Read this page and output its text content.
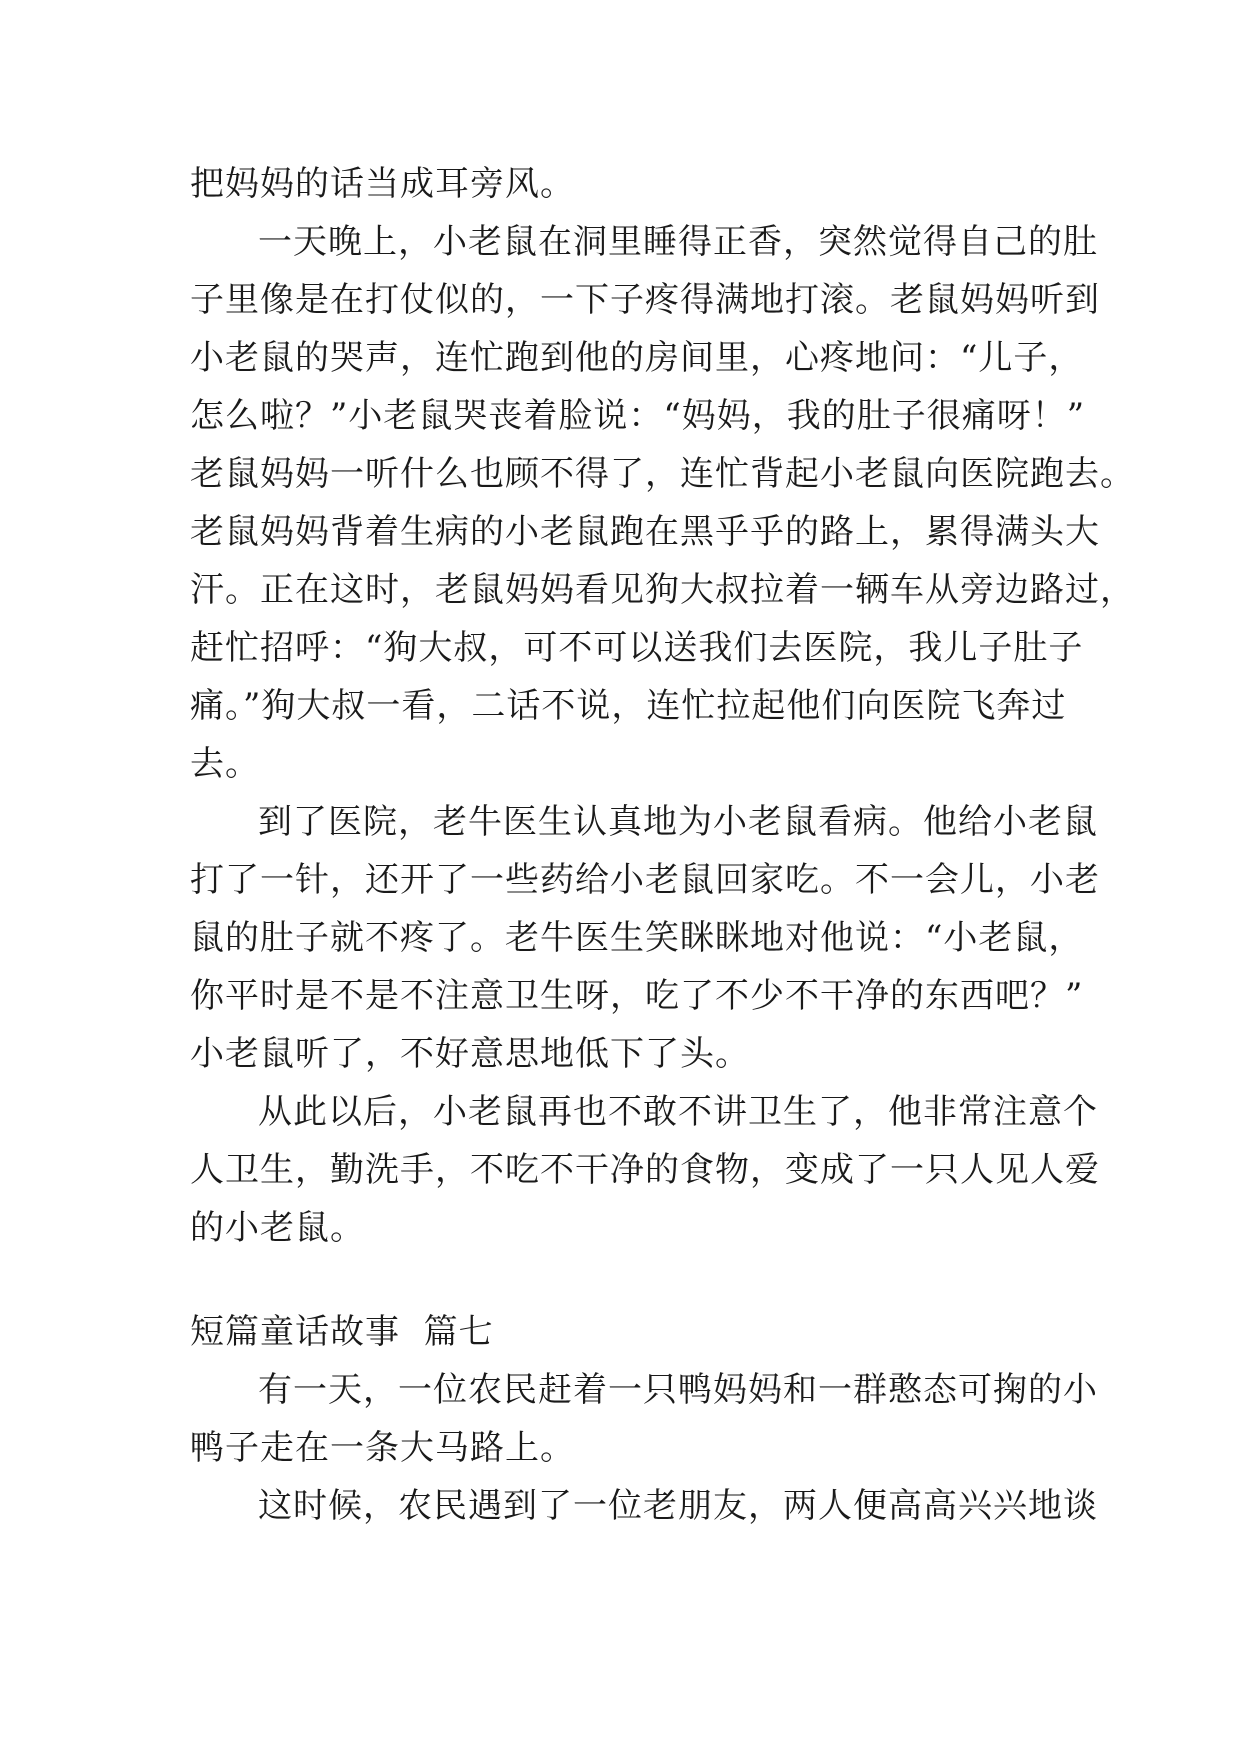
把妈妈的话当成耳旁风。
一天晚上，小老鼠在洞里睡得正香，突然觉得自己的肚
子里像是在打仗似的，一下子疼得满地打滚。老鼠妈妈听到
小老鼠的哭声，连忙跑到他的房间里，心疼地问：“儿子，
怎么啦？”小老鼠哭丧着脸说：“妈妈，我的肚子很痛呀！”
老鼠妈妈一听什么也顾不得了，连忙背起小老鼠向医院跑去。
老鼠妈妈背着生病的小老鼠跑在黑乎乎的路上，累得满头大
汗。正在这时，老鼠妈妈看见狗大叔拉着一辆车从旁边路过，
赶忙招呼：“狗大叔，可不可以送我们去医院，我儿子肚子
痛。”狗大叔一看，二话不说，连忙拉起他们向医院飞奔过
去。
到了医院，老牛医生认真地为小老鼠看病。他给小老鼠
打了一针，还开了一些药给小老鼠回家吃。不一会儿，小老
鼠的肚子就不疼了。老牛医生笑眯眯地对他说：“小老鼠，
你平时是不是不注意卫生呀，吃了不少不干净的东西吧？”
小老鼠听了，不好意思地低下了头。
从此以后，小老鼠再也不敢不讲卫生了，他非常注意个
人卫生，勤洗手，不吃不干净的食物，变成了一只人见人爱
的小老鼠。
短篇童话故事  篇七
有一天，一位农民赶着一只鸭妈妈和一群憨态可掬的小
鸭子走在一条大马路上。
这时候，农民遇到了一位老朋友，两人便高高兴兴地谈
